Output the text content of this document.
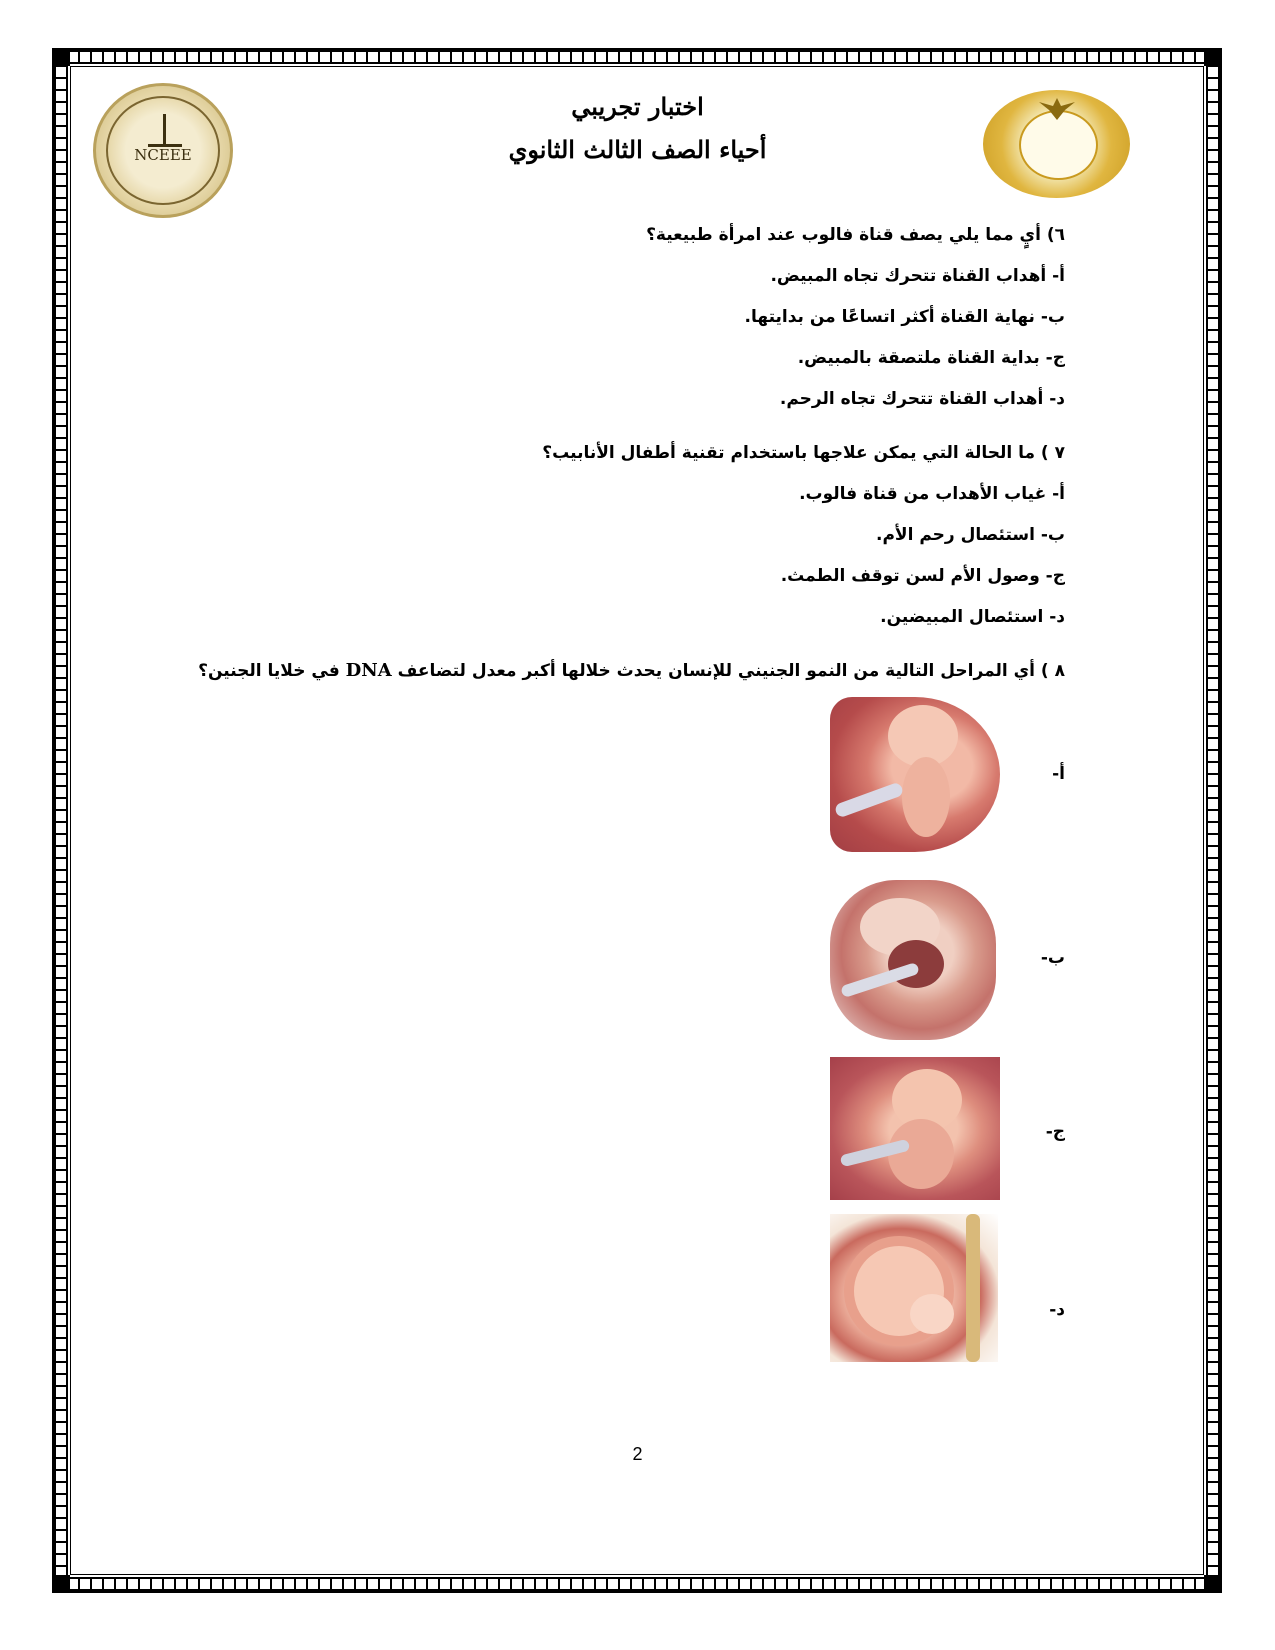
NCEEE
اختبار تجريبي
أحياء الصف الثالث الثانوي
٦) أيٍ مما يلي يصف قناة فالوب عند امرأة طبيعية؟
أ- أهداب القناة تتحرك تجاه المبيض.
ب- نهاية القناة أكثر اتساعًا من بدايتها.
ج- بداية القناة ملتصقة بالمبيض.
د- أهداب القناة تتحرك تجاه الرحم.
٧ ) ما الحالة التي يمكن علاجها باستخدام تقنية أطفال الأنابيب؟
أ- غياب الأهداب من قناة فالوب.
ب- استئصال رحم الأم.
ج- وصول الأم لسن توقف الطمث.
د- استئصال المبيضين.
٨ ) أي المراحل التالية من النمو الجنيني للإنسان يحدث خلالها أكبر معدل لتضاعف DNA في خلايا الجنين؟
أ-
ب-
ج-
د-
2
